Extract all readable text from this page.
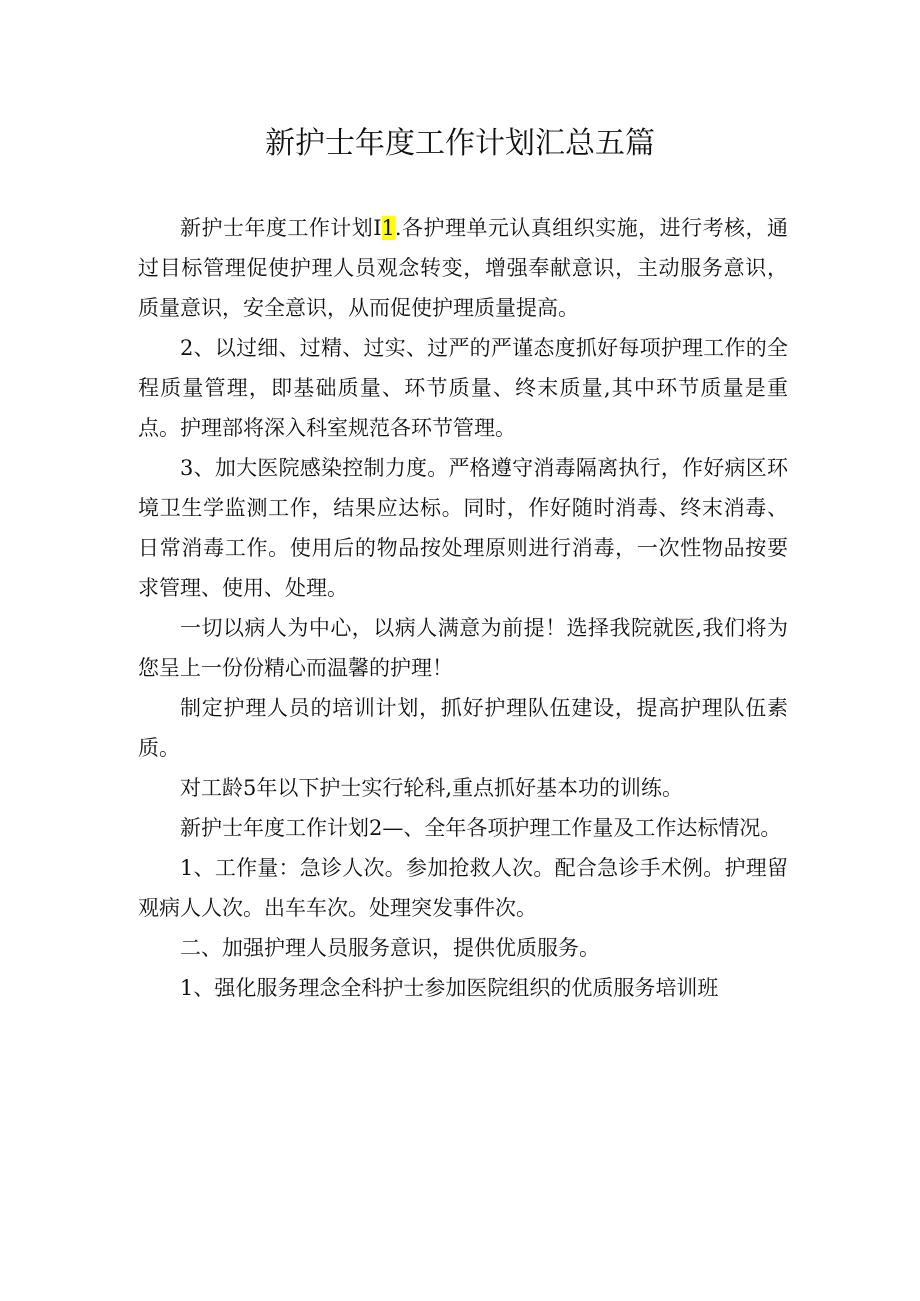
新护士年度工作计划汇总五篇

新护士年度工作计划I1.各护理单元认真组织实施，进行考核，通过目标管理促使护理人员观念转变，增强奉献意识，主动服务意识，质量意识，安全意识，从而促使护理质量提高。

2、以过细、过精、过实、过严的严谨态度抓好每项护理工作的全程质量管理，即基础质量、环节质量、终末质量,其中环节质量是重点。护理部将深入科室规范各环节管理。

3、加大医院感染控制力度。严格遵守消毒隔离执行，作好病区环境卫生学监测工作，结果应达标。同时，作好随时消毒、终末消毒、日常消毒工作。使用后的物品按处理原则进行消毒，一次性物品按要求管理、使用、处理。

一切以病人为中心，以病人满意为前提！选择我院就医,我们将为您呈上一份份精心而温馨的护理！

制定护理人员的培训计划，抓好护理队伍建设，提高护理队伍素质。

对工龄5年以下护士实行轮科,重点抓好基本功的训练。

新护士年度工作计划2—、全年各项护理工作量及工作达标情况。

1、工作量：急诊人次。参加抢救人次。配合急诊手术例。护理留观病人人次。出车车次。处理突发事件次。

二、加强护理人员服务意识，提供优质服务。

1、强化服务理念全科护士参加医院组织的优质服务培训班
